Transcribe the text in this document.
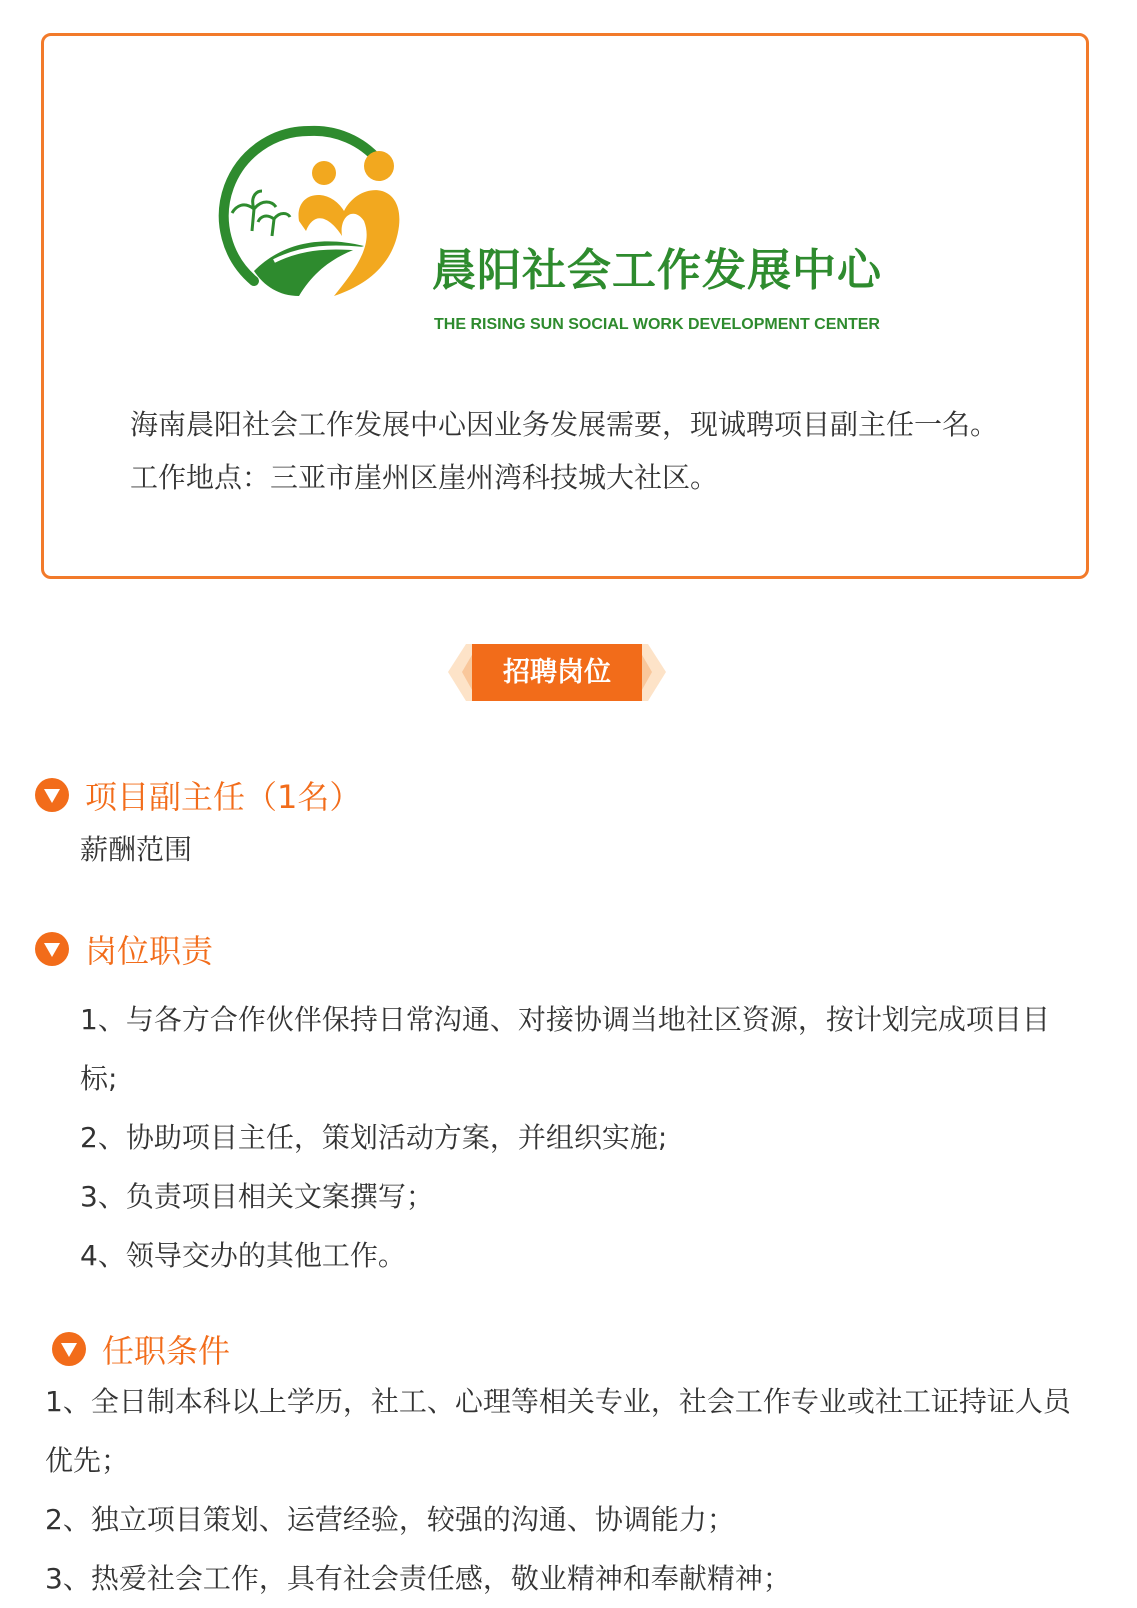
晨阳社会工作发展中心
THE RISING SUN SOCIAL WORK DEVELOPMENT CENTER

海南晨阳社会工作发展中心因业务发展需要，现诚聘项目副主任一名。

工作地点：三亚市崖州区崖州湾科技城大社区。

招聘岗位
项目副主任（1名）
薪酬范围
岗位职责
1、与各方合作伙伴保持日常沟通、对接协调当地社区资源，按计划完成项目目标;
2、协助项目主任，策划活动方案，并组织实施;
3、负责项目相关文案撰写；
4、领导交办的其他工作。
任职条件
1、全日制本科以上学历，社工、心理等相关专业，社会工作专业或社工证持证人员优先；
2、独立项目策划、运营经验，较强的沟通、协调能力；
3、热爱社会工作，具有社会责任感，敬业精神和奉献精神；
